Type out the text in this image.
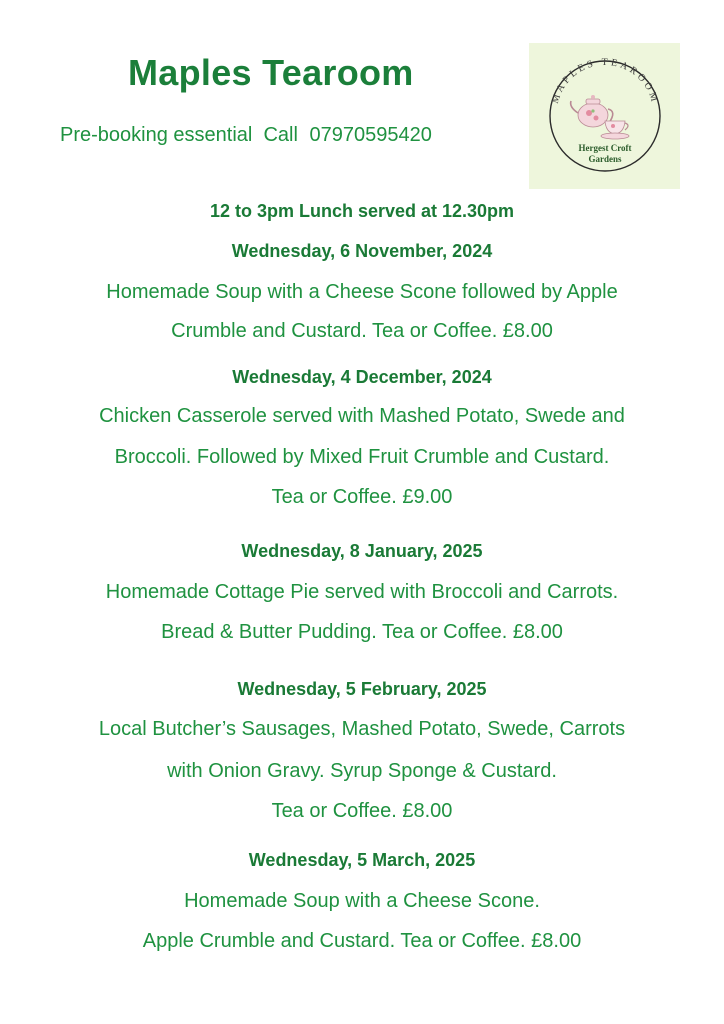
Maples Tearoom
Pre-booking essential Call 07970595420
MAPLES TEAROOM
Hergest Croft
Gardens
12 to 3pm Lunch served at 12.30pm
Wednesday, 6 November, 2024
Homemade Soup with a Cheese Scone followed by Apple
Crumble and Custard. Tea or Coffee. £8.00
Wednesday, 4 December, 2024
Chicken Casserole served with Mashed Potato, Swede and
Broccoli. Followed by Mixed Fruit Crumble and Custard.
Tea or Coffee. £9.00
Wednesday, 8 January, 2025
Homemade Cottage Pie served with Broccoli and Carrots.
Bread & Butter Pudding. Tea or Coffee. £8.00
Wednesday, 5 February, 2025
Local Butcher’s Sausages, Mashed Potato, Swede, Carrots
with Onion Gravy. Syrup Sponge & Custard.
Tea or Coffee. £8.00
Wednesday, 5 March, 2025
Homemade Soup with a Cheese Scone.
Apple Crumble and Custard. Tea or Coffee. £8.00
